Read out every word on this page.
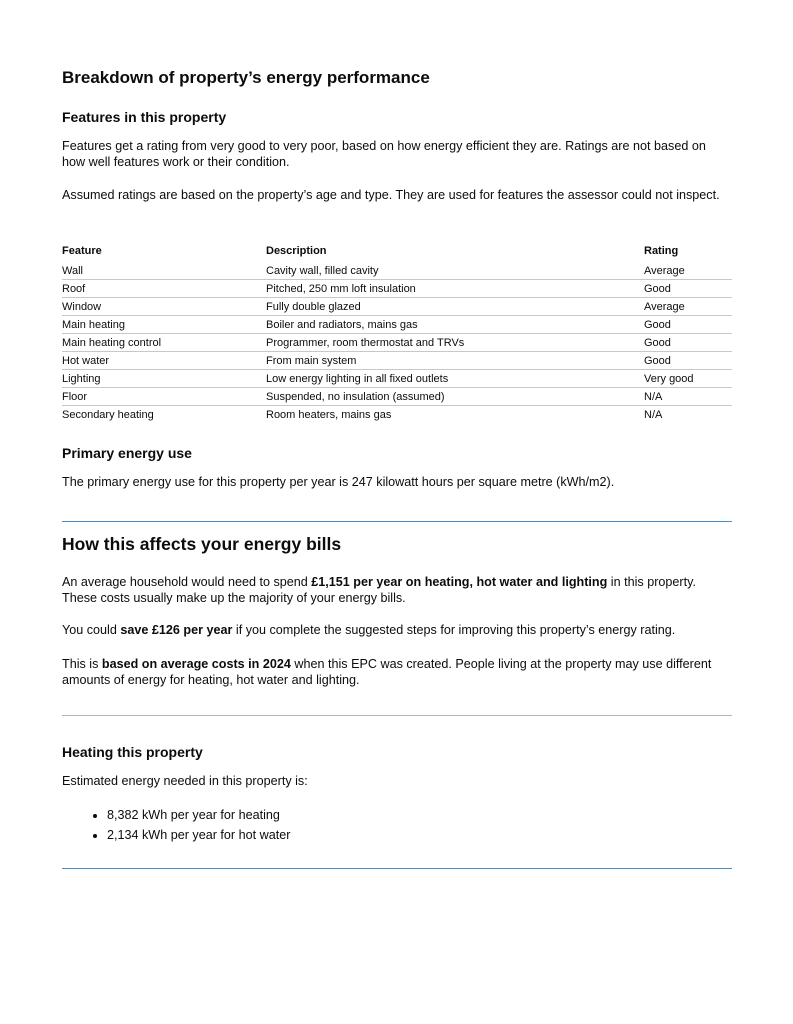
Breakdown of property’s energy performance
Features in this property

Features get a rating from very good to very poor, based on how energy efficient they are. Ratings are not based on how well features work or their condition.

Assumed ratings are based on the property’s age and type. They are used for features the assessor could not inspect.

Feature	Description	Rating
Wall	Cavity wall, filled cavity	Average
Roof	Pitched, 250 mm loft insulation	Good
Window	Fully double glazed	Average
Main heating	Boiler and radiators, mains gas	Good
Main heating control	Programmer, room thermostat and TRVs	Good
Hot water	From main system	Good
Lighting	Low energy lighting in all fixed outlets	Very good
Floor	Suspended, no insulation (assumed)	N/A
Secondary heating	Room heaters, mains gas	N/A
Primary energy use

The primary energy use for this property per year is 247 kilowatt hours per square metre (kWh/m2).

How this affects your energy bills

An average household would need to spend £1,151 per year on heating, hot water and lighting in this property. These costs usually make up the majority of your energy bills.

You could save £126 per year if you complete the suggested steps for improving this property’s energy rating.

This is based on average costs in 2024 when this EPC was created. People living at the property may use different amounts of energy for heating, hot water and lighting.

Heating this property

Estimated energy needed in this property is:

• 8,382 kWh per year for heating
• 2,134 kWh per year for hot water
